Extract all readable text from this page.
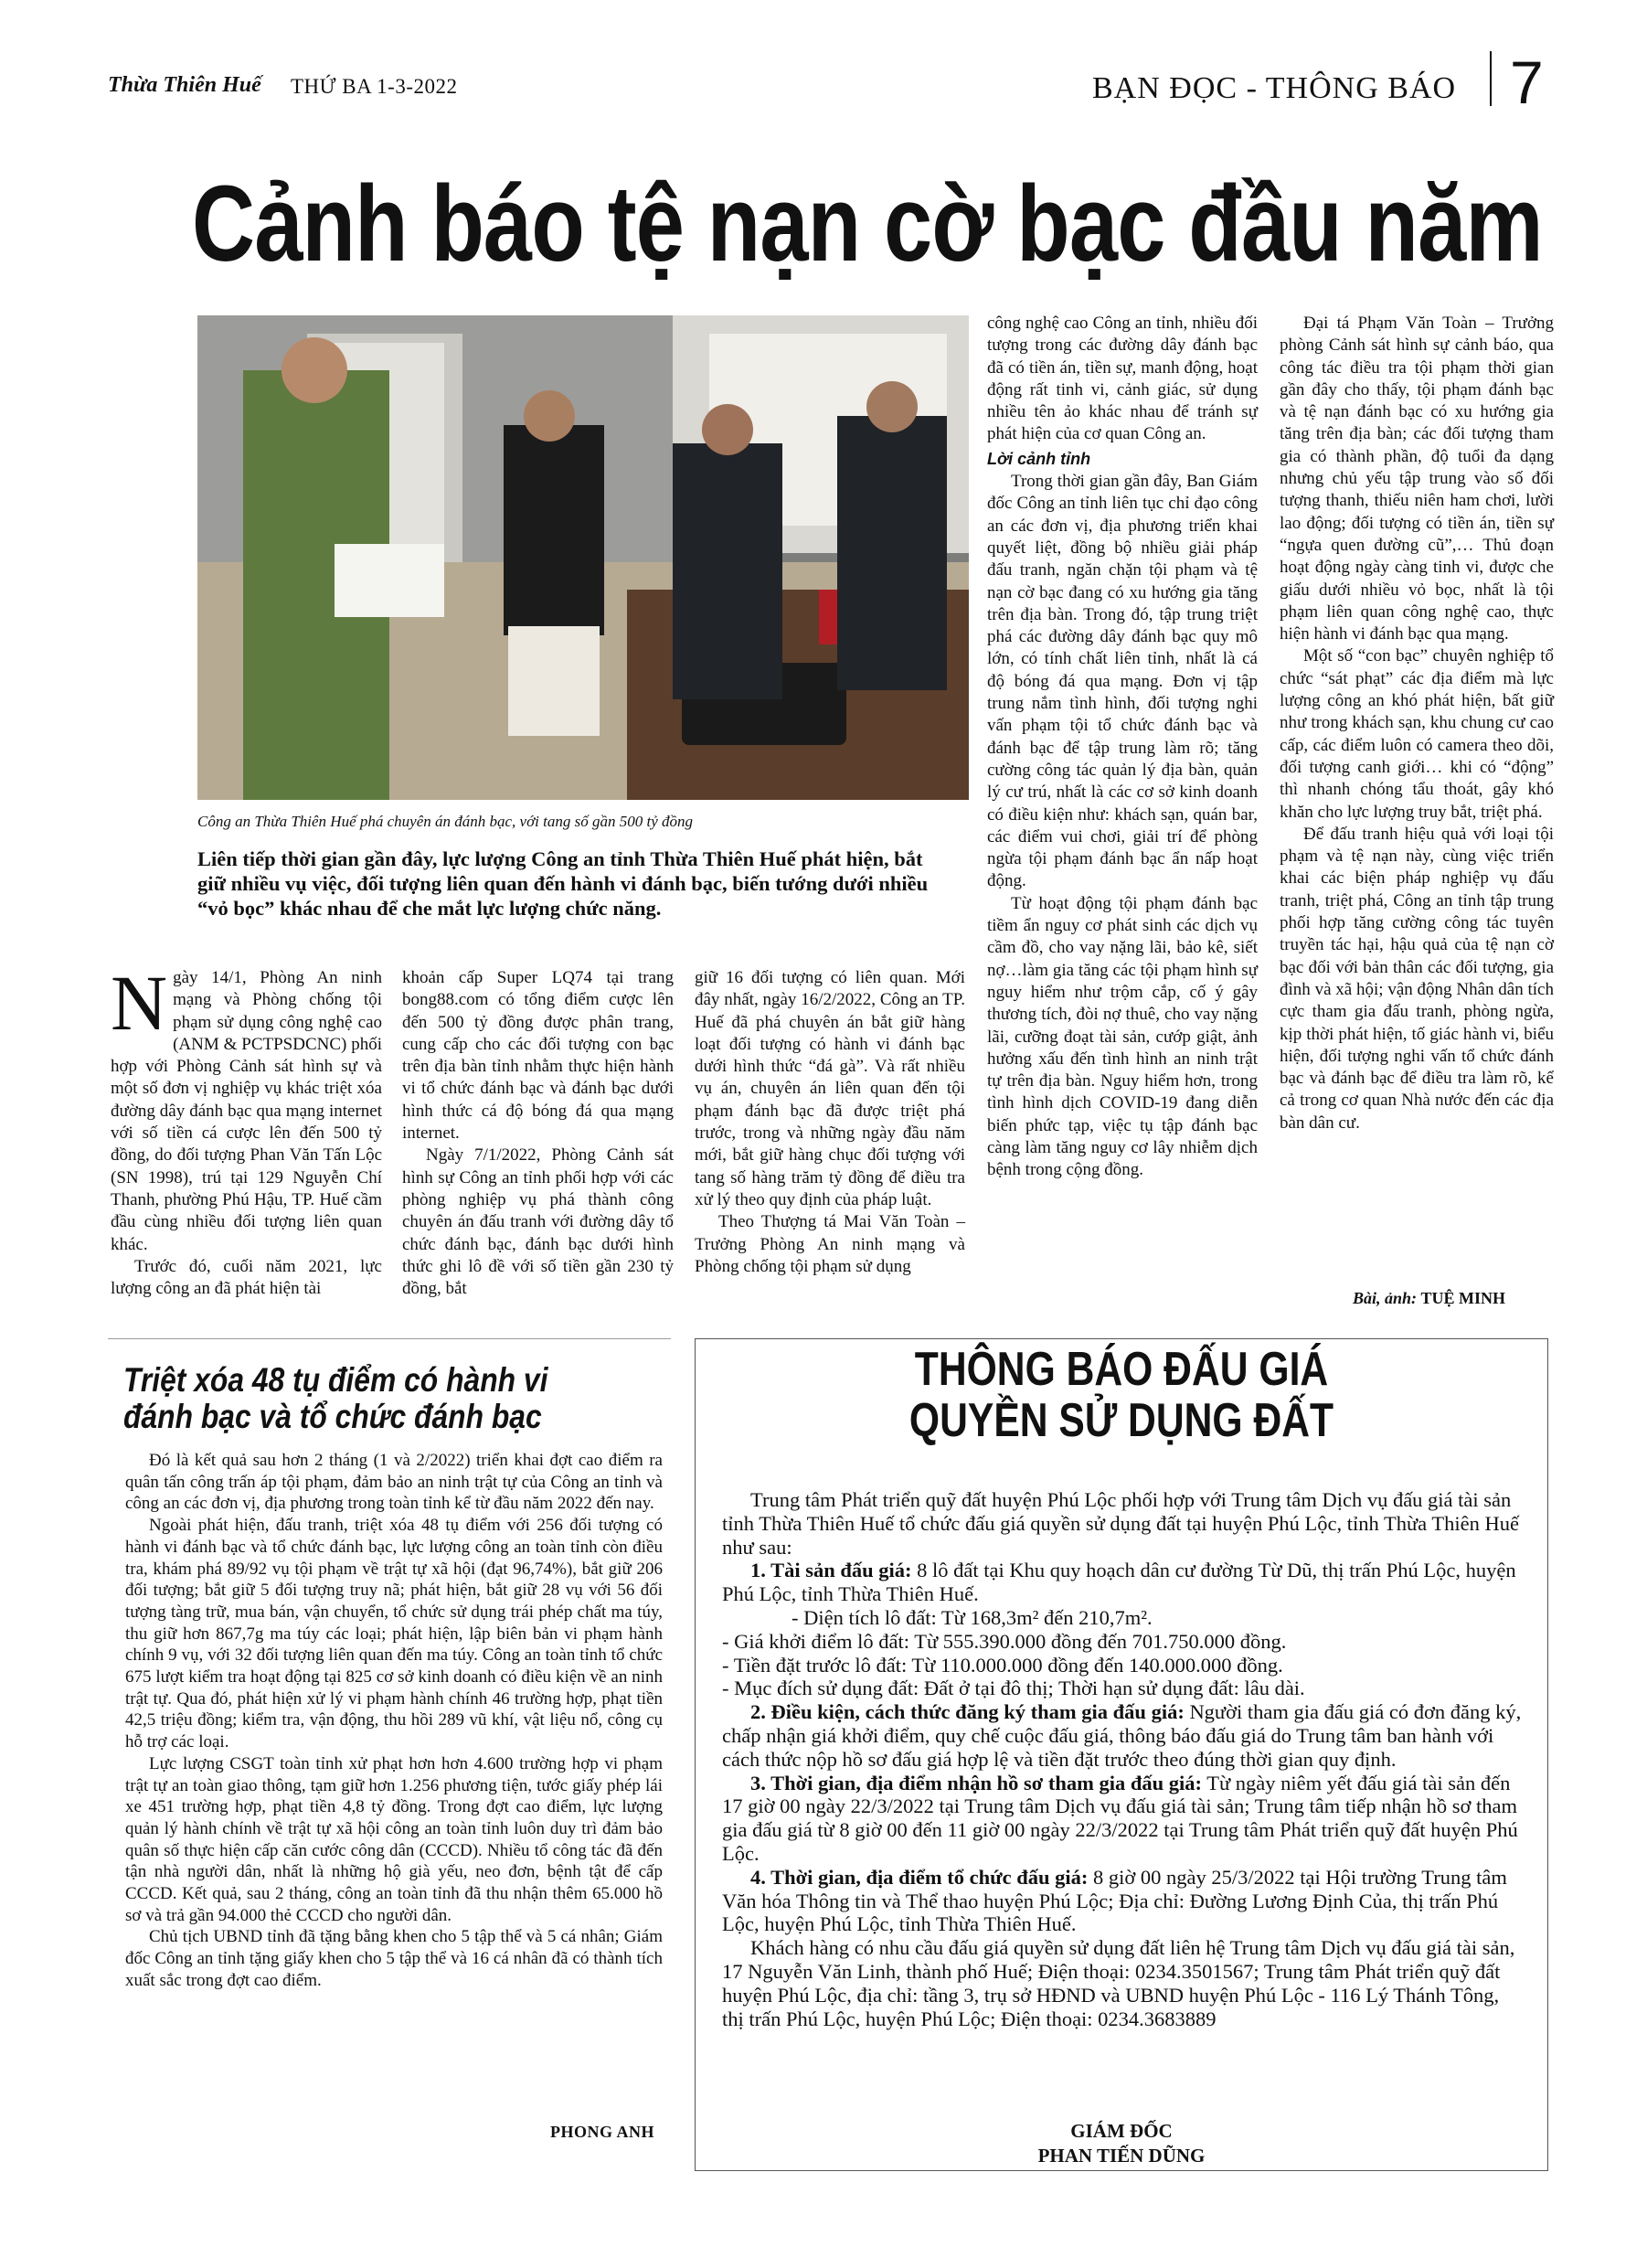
Thừa Thiên Huế THỨ BA 1-3-2022	BẠN ĐỌC - THÔNG BÁO 7
Cảnh báo tệ nạn cờ bạc đầu năm
Công an Thừa Thiên Huế phá chuyên án đánh bạc, với tang số gần 500 tỷ đồng
Liên tiếp thời gian gần đây, lực lượng Công an tỉnh Thừa Thiên Huế phát hiện, bắt giữ nhiều vụ việc, đối tượng liên quan đến hành vi đánh bạc, biến tướng dưới nhiều “vỏ bọc” khác nhau để che mắt lực lượng chức năng.

Ngày 14/1, Phòng An ninh mạng và Phòng chống tội phạm sử dụng công nghệ cao (ANM & PCTPSDCNC) phối hợp với Phòng Cảnh sát hình sự và một số đơn vị nghiệp vụ khác triệt xóa đường dây đánh bạc qua mạng internet với số tiền cá cược lên đến 500 tỷ đồng, do đối tượng Phan Văn Tấn Lộc (SN 1998), trú tại 129 Nguyễn Chí Thanh, phường Phú Hậu, TP. Huế cầm đầu cùng nhiều đối tượng liên quan khác.

Trước đó, cuối năm 2021, lực lượng công an đã phát hiện tài

khoản cấp Super LQ74 tại trang bong88.com có tổng điểm cược lên đến 500 tỷ đồng được phân trang, cung cấp cho các đối tượng con bạc trên địa bàn tỉnh nhằm thực hiện hành vi tổ chức đánh bạc và đánh bạc dưới hình thức cá độ bóng đá qua mạng internet.

Ngày 7/1/2022, Phòng Cảnh sát hình sự Công an tỉnh phối hợp với các phòng nghiệp vụ phá thành công chuyên án đấu tranh với đường dây tổ chức đánh bạc, đánh bạc dưới hình thức ghi lô đề với số tiền gần 230 tỷ đồng, bắt

giữ 16 đối tượng có liên quan. Mới đây nhất, ngày 16/2/2022, Công an TP. Huế đã phá chuyên án bắt giữ hàng loạt đối tượng có hành vi đánh bạc dưới hình thức “đá gà”. Và rất nhiều vụ án, chuyên án liên quan đến tội phạm đánh bạc đã được triệt phá trước, trong và những ngày đầu năm mới, bắt giữ hàng chục đối tượng với tang số hàng trăm tỷ đồng để điều tra xử lý theo quy định của pháp luật.

Theo Thượng tá Mai Văn Toàn – Trưởng Phòng An ninh mạng và Phòng chống tội phạm sử dụng

công nghệ cao Công an tỉnh, nhiều đối tượng trong các đường dây đánh bạc đã có tiền án, tiền sự, manh động, hoạt động rất tinh vi, cảnh giác, sử dụng nhiều tên ảo khác nhau để tránh sự phát hiện của cơ quan Công an.

Lời cảnh tỉnh

Trong thời gian gần đây, Ban Giám đốc Công an tỉnh liên tục chỉ đạo công an các đơn vị, địa phương triển khai quyết liệt, đồng bộ nhiều giải pháp đấu tranh, ngăn chặn tội phạm và tệ nạn cờ bạc đang có xu hướng gia tăng trên địa bàn. Trong đó, tập trung triệt phá các đường dây đánh bạc quy mô lớn, có tính chất liên tỉnh, nhất là cá độ bóng đá qua mạng. Đơn vị tập trung nắm tình hình, đối tượng nghi vấn phạm tội tổ chức đánh bạc và đánh bạc để tập trung làm rõ; tăng cường công tác quản lý địa bàn, quản lý cư trú, nhất là các cơ sở kinh doanh có điều kiện như: khách sạn, quán bar, các điểm vui chơi, giải trí để phòng ngừa tội phạm đánh bạc ẩn nấp hoạt động.

Từ hoạt động tội phạm đánh bạc tiềm ẩn nguy cơ phát sinh các dịch vụ cầm đồ, cho vay nặng lãi, bảo kê, siết nợ…làm gia tăng các tội phạm hình sự nguy hiểm như trộm cắp, cố ý gây thương tích, đòi nợ thuê, cho vay nặng lãi, cưỡng đoạt tài sản, cướp giật, ảnh hưởng xấu đến tình hình an ninh trật tự trên địa bàn. Nguy hiểm hơn, trong tình hình dịch COVID-19 đang diễn biến phức tạp, việc tụ tập đánh bạc càng làm tăng nguy cơ lây nhiễm dịch bệnh trong cộng đồng.

Đại tá Phạm Văn Toàn – Trưởng phòng Cảnh sát hình sự cảnh báo, qua công tác điều tra tội phạm thời gian gần đây cho thấy, tội phạm đánh bạc và tệ nạn đánh bạc có xu hướng gia tăng trên địa bàn; các đối tượng tham gia có thành phần, độ tuổi đa dạng nhưng chủ yếu tập trung vào số đối tượng thanh, thiếu niên ham chơi, lười lao động; đối tượng có tiền án, tiền sự “ngựa quen đường cũ”,… Thủ đoạn hoạt động ngày càng tinh vi, được che giấu dưới nhiều vỏ bọc, nhất là tội phạm liên quan công nghệ cao, thực hiện hành vi đánh bạc qua mạng.

Một số “con bạc” chuyên nghiệp tổ chức “sát phạt” các địa điểm mà lực lượng công an khó phát hiện, bất giữ như trong khách sạn, khu chung cư cao cấp, các điểm luôn có camera theo dõi, đối tượng canh giới… khi có “động” thì nhanh chóng tẩu thoát, gây khó khăn cho lực lượng truy bắt, triệt phá.

Để đấu tranh hiệu quả với loại tội phạm và tệ nạn này, cùng việc triển khai các biện pháp nghiệp vụ đấu tranh, triệt phá, Công an tỉnh tập trung phối hợp tăng cường công tác tuyên truyền tác hại, hậu quả của tệ nạn cờ bạc đối với bản thân các đối tượng, gia đình và xã hội; vận động Nhân dân tích cực tham gia đấu tranh, phòng ngừa, kịp thời phát hiện, tố giác hành vi, biểu hiện, đối tượng nghi vấn tổ chức đánh bạc và đánh bạc để điều tra làm rõ, kể cả trong cơ quan Nhà nước đến các địa bàn dân cư.

Bài, ảnh: TUỆ MINH
Triệt xóa 48 tụ điểm có hành vi
đánh bạc và tổ chức đánh bạc

Đó là kết quả sau hơn 2 tháng (1 và 2/2022) triển khai đợt cao điểm ra quân tấn công trấn áp tội phạm, đảm bảo an ninh trật tự của Công an tỉnh và công an các đơn vị, địa phương trong toàn tỉnh kể từ đầu năm 2022 đến nay.

Ngoài phát hiện, đấu tranh, triệt xóa 48 tụ điểm với 256 đối tượng có hành vi đánh bạc và tổ chức đánh bạc, lực lượng công an toàn tỉnh còn điều tra, khám phá 89/92 vụ tội phạm về trật tự xã hội (đạt 96,74%), bắt giữ 206 đối tượng; bắt giữ 5 đối tượng truy nã; phát hiện, bắt giữ 28 vụ với 56 đối tượng tàng trữ, mua bán, vận chuyển, tổ chức sử dụng trái phép chất ma túy, thu giữ hơn 867,7g ma túy các loại; phát hiện, lập biên bản vi phạm hành chính 9 vụ, với 32 đối tượng liên quan đến ma túy. Công an toàn tỉnh tổ chức 675 lượt kiểm tra hoạt động tại 825 cơ sở kinh doanh có điều kiện về an ninh trật tự. Qua đó, phát hiện xử lý vi phạm hành chính 46 trường hợp, phạt tiền 42,5 triệu đồng; kiểm tra, vận động, thu hồi 289 vũ khí, vật liệu nổ, công cụ hỗ trợ các loại.

Lực lượng CSGT toàn tỉnh xử phạt hơn hơn 4.600 trường hợp vi phạm trật tự an toàn giao thông, tạm giữ hơn 1.256 phương tiện, tước giấy phép lái xe 451 trường hợp, phạt tiền 4,8 tỷ đồng. Trong đợt cao điểm, lực lượng quản lý hành chính về trật tự xã hội công an toàn tỉnh luôn duy trì đảm bảo quân số thực hiện cấp căn cước công dân (CCCD). Nhiều tổ công tác đã đến tận nhà người dân, nhất là những hộ già yếu, neo đơn, bệnh tật để cấp CCCD. Kết quả, sau 2 tháng, công an toàn tỉnh đã thu nhận thêm 65.000 hồ sơ và trả gần 94.000 thẻ CCCD cho người dân.

Chủ tịch UBND tỉnh đã tặng bằng khen cho 5 tập thể và 5 cá nhân; Giám đốc Công an tỉnh tặng giấy khen cho 5 tập thể và 16 cá nhân đã có thành tích xuất sắc trong đợt cao điểm.

PHONG ANH
THÔNG BÁO ĐẤU GIÁ
QUYỀN SỬ DỤNG ĐẤT

Trung tâm Phát triển quỹ đất huyện Phú Lộc phối hợp với Trung tâm Dịch vụ đấu giá tài sản tỉnh Thừa Thiên Huế tổ chức đấu giá quyền sử dụng đất tại huyện Phú Lộc, tỉnh Thừa Thiên Huế như sau:

1. Tài sản đấu giá: 8 lô đất tại Khu quy hoạch dân cư đường Từ Dũ, thị trấn Phú Lộc, huyện Phú Lộc, tỉnh Thừa Thiên Huế.

- Diện tích lô đất: Từ 168,3m² đến 210,7m².

- Giá khởi điểm lô đất: Từ 555.390.000 đồng đến 701.750.000 đồng.

- Tiền đặt trước lô đất: Từ 110.000.000 đồng đến 140.000.000 đồng.

- Mục đích sử dụng đất: Đất ở tại đô thị; Thời hạn sử dụng đất: lâu dài.

2. Điều kiện, cách thức đăng ký tham gia đấu giá: Người tham gia đấu giá có đơn đăng ký, chấp nhận giá khởi điểm, quy chế cuộc đấu giá, thông báo đấu giá do Trung tâm ban hành với cách thức nộp hồ sơ đấu giá hợp lệ và tiền đặt trước theo đúng thời gian quy định.

3. Thời gian, địa điểm nhận hồ sơ tham gia đấu giá: Từ ngày niêm yết đấu giá tài sản đến 17 giờ 00 ngày 22/3/2022 tại Trung tâm Dịch vụ đấu giá tài sản; Trung tâm tiếp nhận hồ sơ tham gia đấu giá từ 8 giờ 00 đến 11 giờ 00 ngày 22/3/2022 tại Trung tâm Phát triển quỹ đất huyện Phú Lộc.

4. Thời gian, địa điểm tổ chức đấu giá: 8 giờ 00 ngày 25/3/2022 tại Hội trường Trung tâm Văn hóa Thông tin và Thể thao huyện Phú Lộc; Địa chỉ: Đường Lương Định Của, thị trấn Phú Lộc, huyện Phú Lộc, tỉnh Thừa Thiên Huế.

Khách hàng có nhu cầu đấu giá quyền sử dụng đất liên hệ Trung tâm Dịch vụ đấu giá tài sản, 17 Nguyễn Văn Linh, thành phố Huế; Điện thoại: 0234.3501567; Trung tâm Phát triển quỹ đất huyện Phú Lộc, địa chỉ: tầng 3, trụ sở HĐND và UBND huyện Phú Lộc - 116 Lý Thánh Tông, thị trấn Phú Lộc, huyện Phú Lộc; Điện thoại: 0234.3683889

GIÁM ĐỐC
PHAN TIẾN DŨNG
